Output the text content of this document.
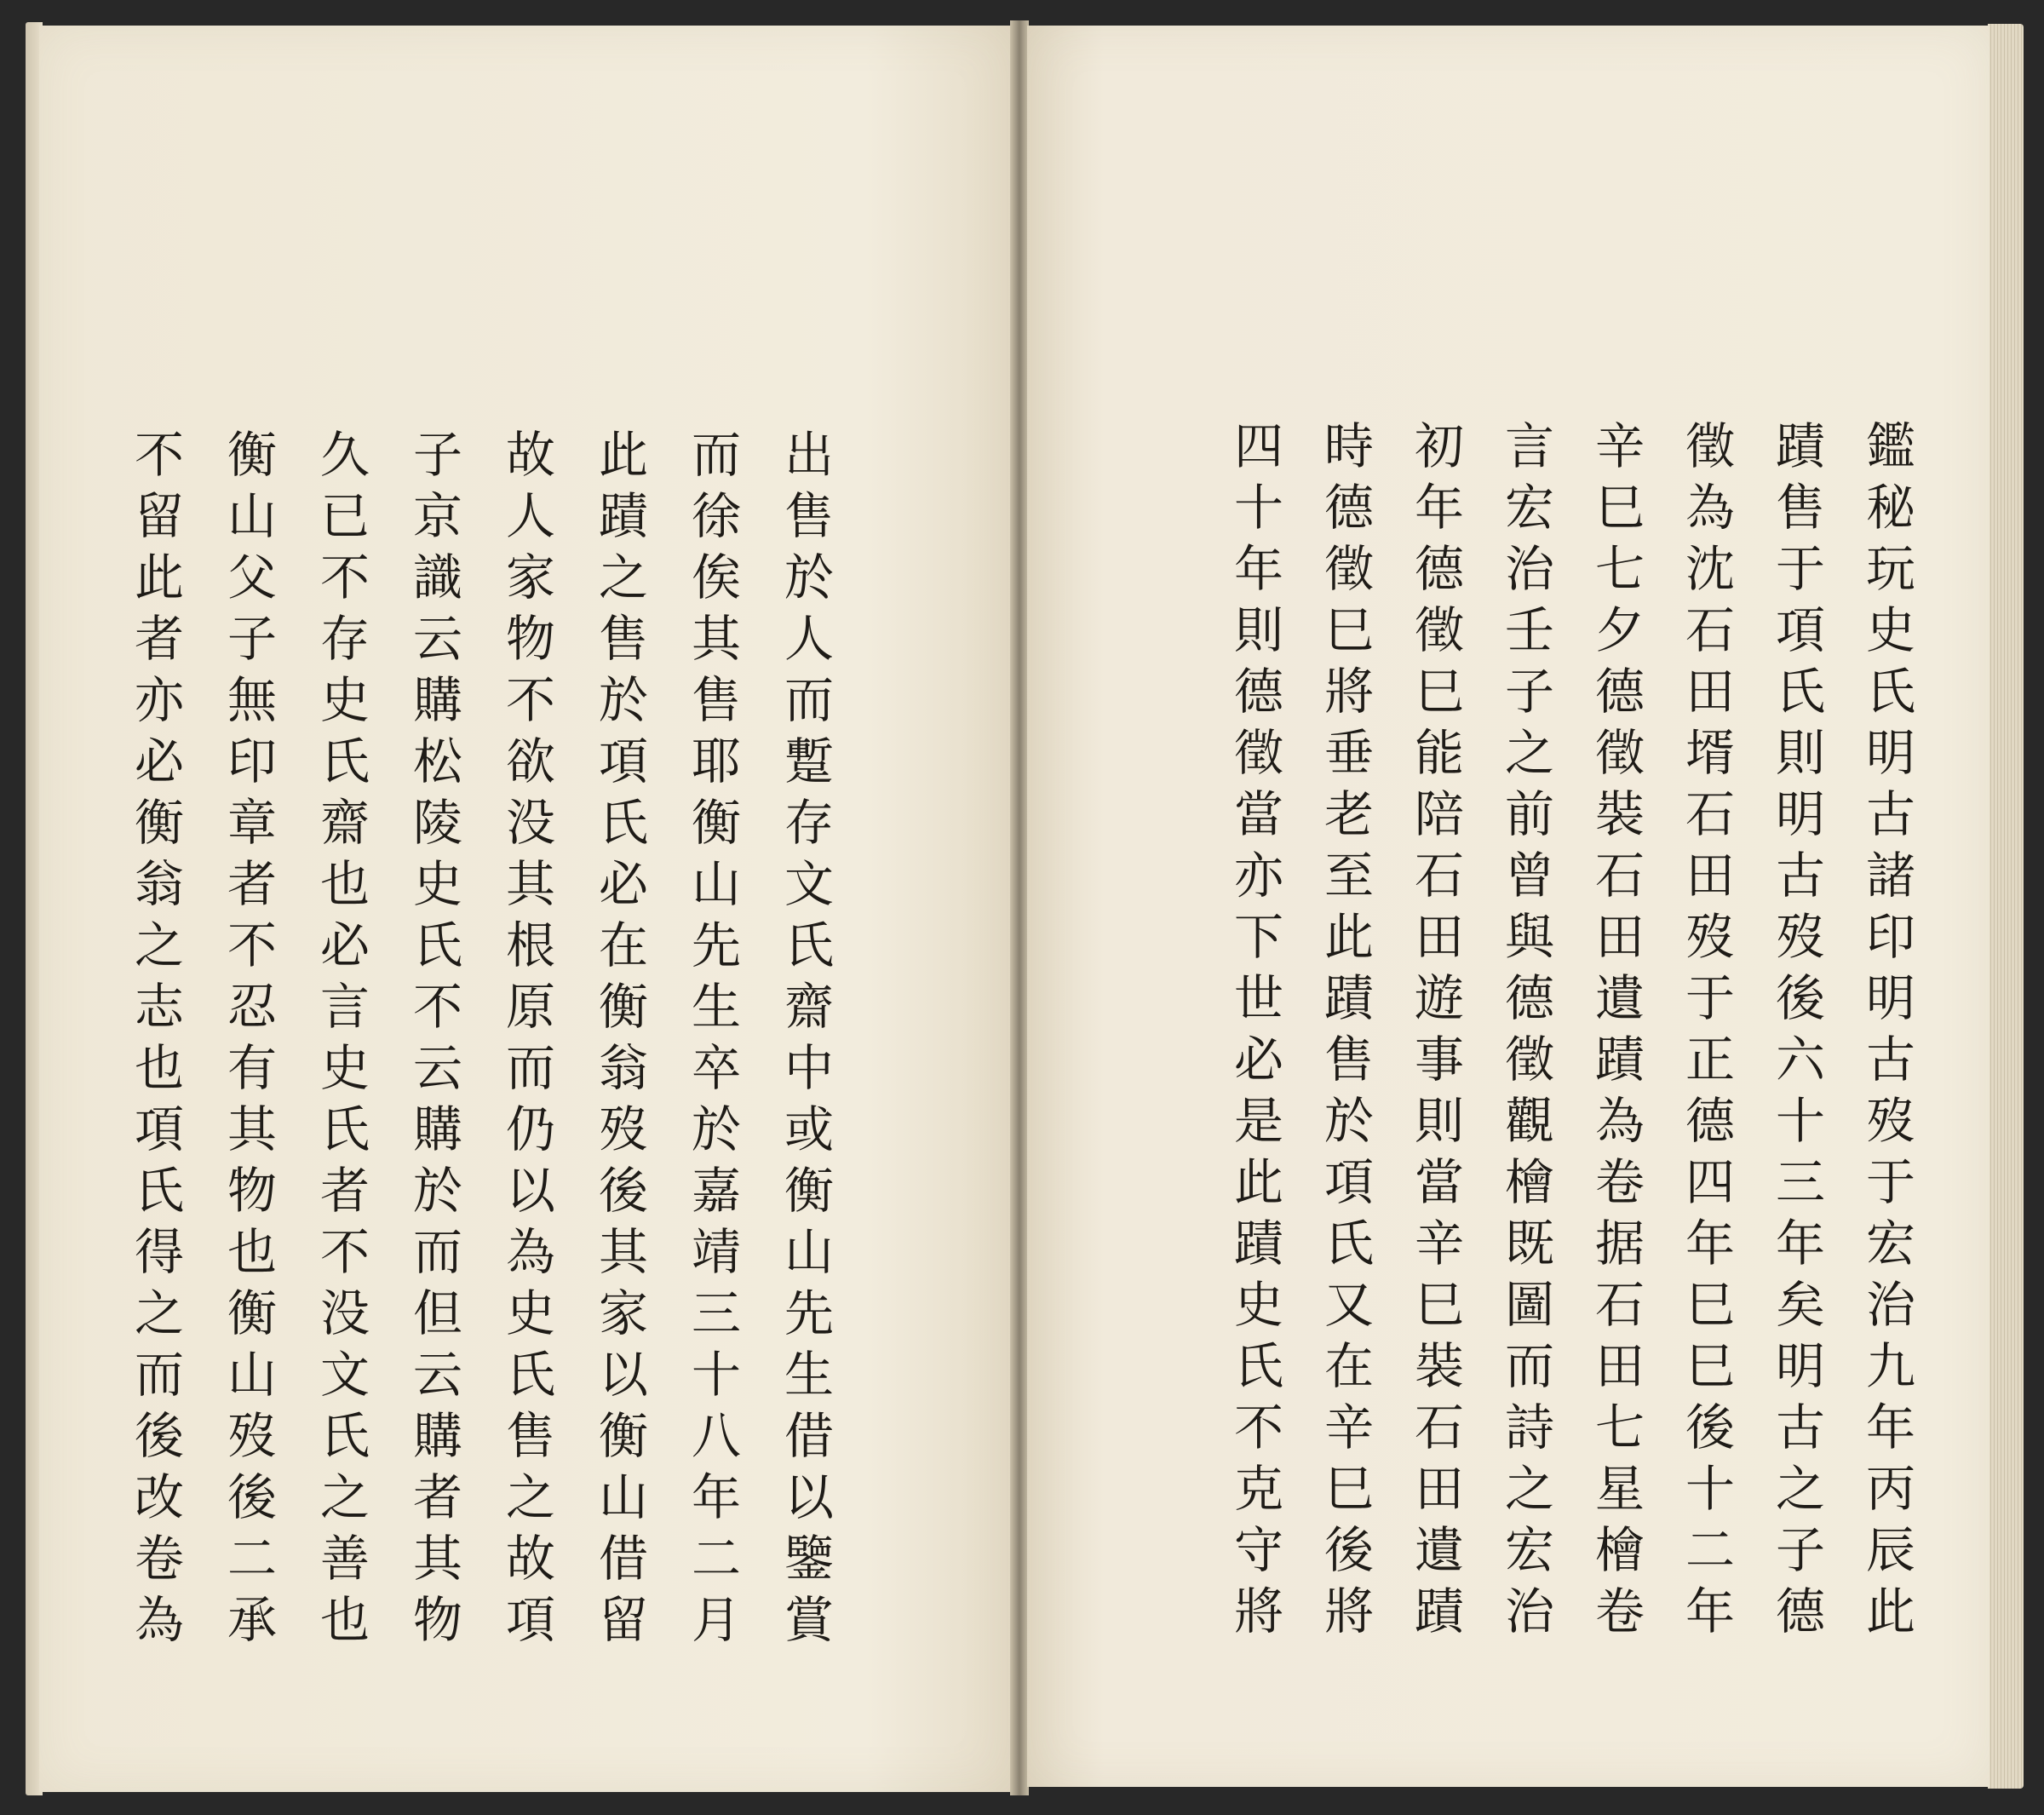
鑑
秘
玩
史
氏
明
古
諸
印
明
古
歿
于
宏
治
九
年
丙
辰
此
蹟
售
于
項
氏
則
明
古
歿
後
六
十
三
年
矣
明
古
之
子
德
徵
為
沈
石
田
壻
石
田
歿
于
正
德
四
年
巳
巳
後
十
二
年
辛
巳
七
夕
德
徵
裝
石
田
遺
蹟
為
卷
据
石
田
七
星
檜
卷
言
宏
治
壬
子
之
前
曾
與
德
徵
觀
檜
既
圖
而
詩
之
宏
治
初
年
德
徵
巳
能
陪
石
田
遊
事
則
當
辛
巳
裝
石
田
遺
蹟
時
德
徵
巳
將
垂
老
至
此
蹟
售
於
項
氏
又
在
辛
巳
後
將
四
十
年
則
德
徵
當
亦
下
世
必
是
此
蹟
史
氏
不
克
守
將
出
售
於
人
而
蹔
存
文
氏
齋
中
或
衡
山
先
生
借
以
鑒
賞
而
徐
俟
其
售
耶
衡
山
先
生
卒
於
嘉
靖
三
十
八
年
二
月
此
蹟
之
售
於
項
氏
必
在
衡
翁
歿
後
其
家
以
衡
山
借
留
故
人
家
物
不
欲
没
其
根
原
而
仍
以
為
史
氏
售
之
故
項
子
京
識
云
購
松
陵
史
氏
不
云
購
於
而
但
云
購
者
其
物
久
已
不
存
史
氏
齋
也
必
言
史
氏
者
不
没
文
氏
之
善
也
衡
山
父
子
無
印
章
者
不
忍
有
其
物
也
衡
山
歿
後
二
承
不
留
此
者
亦
必
衡
翁
之
志
也
項
氏
得
之
而
後
改
卷
為
